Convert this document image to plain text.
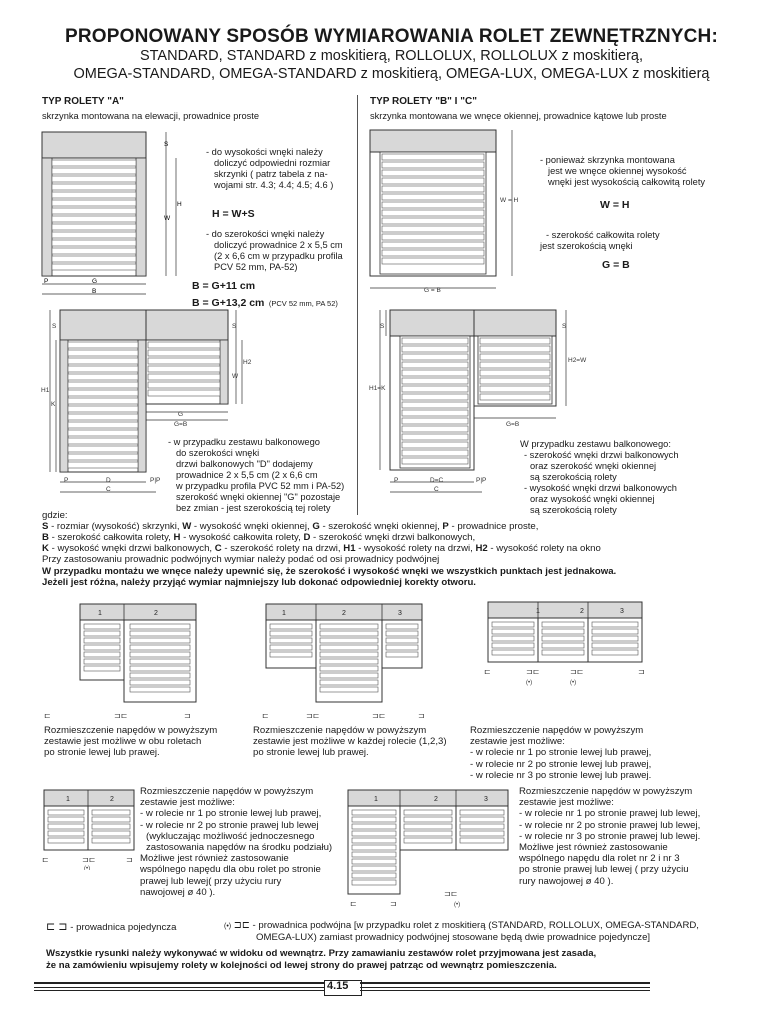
PROPONOWANY SPOSÓB WYMIAROWANIA ROLET ZEWNĘTRZNYCH:
STANDARD, STANDARD z moskitierą, ROLLOLUX, ROLLOLUX z moskitierą,
OMEGA-STANDARD, OMEGA-STANDARD z moskitierą, OMEGA-LUX, OMEGA-LUX z moskitierą
TYP ROLETY "A"
skrzynka montowana na elewacji, prowadnice proste
TYP ROLETY "B" I "C"
skrzynka montowana we wnęce okiennej, prowadnice kątowe lub proste
S
H
W
P	G
B
- do wysokości wnęki należy
doliczyć odpowiedni rozmiar
skrzynki ( patrz tabela z na-
wojami str. 4.3; 4.4; 4.5; 4.6 )
H = W+S
- do szerokości wnęki należy
doliczyć prowadnice 2 x 5,5 cm
(2 x 6,6 cm w przypadku profila
PCV 52 mm, PA-52)
B = G+11 cm
B = G+13,2 cm (PCV 52 mm, PA 52)
S	S
H1
K
H2
W
G
G=B
P	D	P|P
C
- w przypadku zestawu balkonowego
do szerokości wnęki
drzwi balkonowych "D" dodajemy
prowadnice 2 x 5,5 cm (2 x 6,6 cm
w przypadku profila PVC 52 mm i PA-52)
szerokość wnęki okiennej "G" pozostaje
bez zmian - jest szerokością tej rolety
W = H
G = B
- ponieważ skrzynka montowana
jest we wnęce okiennej wysokość
wnęki jest wysokością całkowitą rolety
W = H
- szerokość całkowita rolety
jest szerokością wnęki
G = B
S	S
H1=K
H2=W
G=B
P	D=C	P|P
C
W przypadku zestawu balkonowego:
- szerokość wnęki drzwi balkonowych
oraz szerokość wnęki okiennej
są szerokością rolety
- wysokość wnęki drzwi balkonowych
oraz wysokość wnęki okiennej
są szerokością rolety
gdzie:
S - rozmiar (wysokość) skrzynki, W - wysokość wnęki okiennej, G - szerokość wnęki okiennej, P - prowadnice proste,
B - szerokość całkowita rolety, H - wysokość całkowita rolety, D - szerokość wnęki drzwi balkonowych,
K - wysokość wnęki drzwi balkonowych, C - szerokość rolety na drzwi, H1 - wysokość rolety na drzwi, H2 - wysokość rolety na okno
Przy zastosowaniu prowadnic podwójnych wymiar należy podać od osi prowadnicy podwójnej
W przypadku montażu we wnęce należy upewnić się, że szerokość i wysokość wnęki we wszystkich punktach jest jednakowa.
Jeżeli jest różna, należy przyjąć wymiar najmniejszy lub dokonać odpowiedniej korekty otworu.
1	2
⊏	⊐⊏	⊐
Rozmieszczenie napędów w powyższym
zestawie jest możliwe w obu roletach
po stronie lewej lub prawej.
1	2	3
⊏	⊐⊏	⊐⊏	⊐
Rozmieszczenie napędów w powyższym
zestawie jest możliwe w każdej rolecie (1,2,3)
po stronie lewej lub prawej.
1	2	3
⊏	⊐⊏	⊐⊏	⊐
(•)	(•)
Rozmieszczenie napędów w powyższym
zestawie jest możliwe:
- w rolecie nr 1 po stronie lewej lub prawej,
- w rolecie nr 2 po stronie lewej lub prawej,
- w rolecie nr 3 po stronie lewej lub prawej.
1	2
⊏	⊐⊏	⊐
(•)
Rozmieszczenie napędów w powyższym
zestawie jest możliwe:
- w rolecie nr 1 po stronie lewej lub prawej,
- w rolecie nr 2 po stronie prawej lub lewej
(wykluczając możliwość jednoczesnego
zastosowania napędów na środku podziału)
Możliwe jest również zastosowanie
wspólnego napędu dla obu rolet po stronie
prawej lub lewej( przy użyciu rury
nawojowej ø 40 ).
1	2	3
⊏	⊐
⊐⊏
(•)
Rozmieszczenie napędów w powyższym
zestawie jest możliwe:
- w rolecie nr 1 po stronie prawej lub lewej,
- w rolecie nr 2 po stronie prawej lub lewej,
- w rolecie nr 3 po stronie prawej lub lewej.
Możliwe jest również zastosowanie
wspólnego napędu dla rolet nr 2 i nr 3
po stronie prawej lub lewej ( przy użyciu
rury nawojowej ø 40 ).
⊏ ⊐ - prowadnica pojedyncza	(•) ⊐⊏ - prowadnica podwójna [w przypadku rolet z moskitierą (STANDARD, ROLLOLUX, OMEGA-STANDARD,
OMEGA-LUX) zamiast prowadnicy podwójnej stosowane będą dwie prowadnice pojedyncze]
Wszystkie rysunki należy wykonywać w widoku od wewnątrz. Przy zamawianiu zestawów rolet przyjmowana jest zasada,
że na zamówieniu wpisujemy rolety w kolejności od lewej strony do prawej patrząc od wewnątrz pomieszczenia.
4.15
